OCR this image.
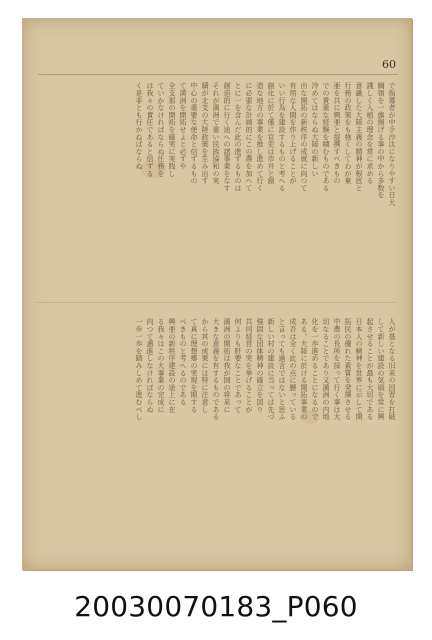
60
で指導者が中手沙汰になりやすい日大
綱領を一旗揚げる事の中から多数を
謹しく入植の理念を常に求める
意識した大陸主義の精神が根底と
行務の政策をも強くしてわが東
亜を共に興亜と提携すべきもの
での貴重な経験を積むものである
冷めてはならぬ大陸の新しい
由な開拓の新秩序の成就に向つて
有用な人間を作り上げることが
いい行為を建設するものと考へる
創化に於て僅に官吏は市井と創
造な地方の事業を推し進めて行く
に必要な計画的にこの農を加へて
とに一を含んだ此の進ずるものは
創造的に行く途への諸事業をなす
それが満洲で重い民族協和の実
績が北支の大陸政策を生み出す
中心の重要な使命と信ずるもの
て満洲を開拓せよと必ずや
全支那の開拓を確実に実践し
ていかなければならぬ任務を
は我々の責任であると信ずる
く是非とも行かねばならぬ
人が基となる旧来の因習を打破
して新しい建設の気風を常に興
起させることが最も大切である
日本人の精神を世界に示して開
拓民の優れた素質を発揮させる
中農の長所を採って行く事は大
切なることであり又満洲の内地
化を一歩進めることになるので
ある。大陸に於ける開拓事業の
成否は全く此の点に懸っている
と言っても過言ではないと思ふ
新しい村の建設に当っては先づ
強固な団体精神の確立を図り
共同経営の実を挙げることが
何よりも肝要なことであって
満洲の開拓は我が国の将来に
大きな意義を有するものである
から其の成果には特に注意し
て真に理想郷の実現を期する
べきものと考へるのである
興亜の新秩序建設の途上に在
る我々はこの大事業の完成に
向つて邁進しなければならぬ
一歩一歩を踏みしめて進むべし
20030070183_P060
